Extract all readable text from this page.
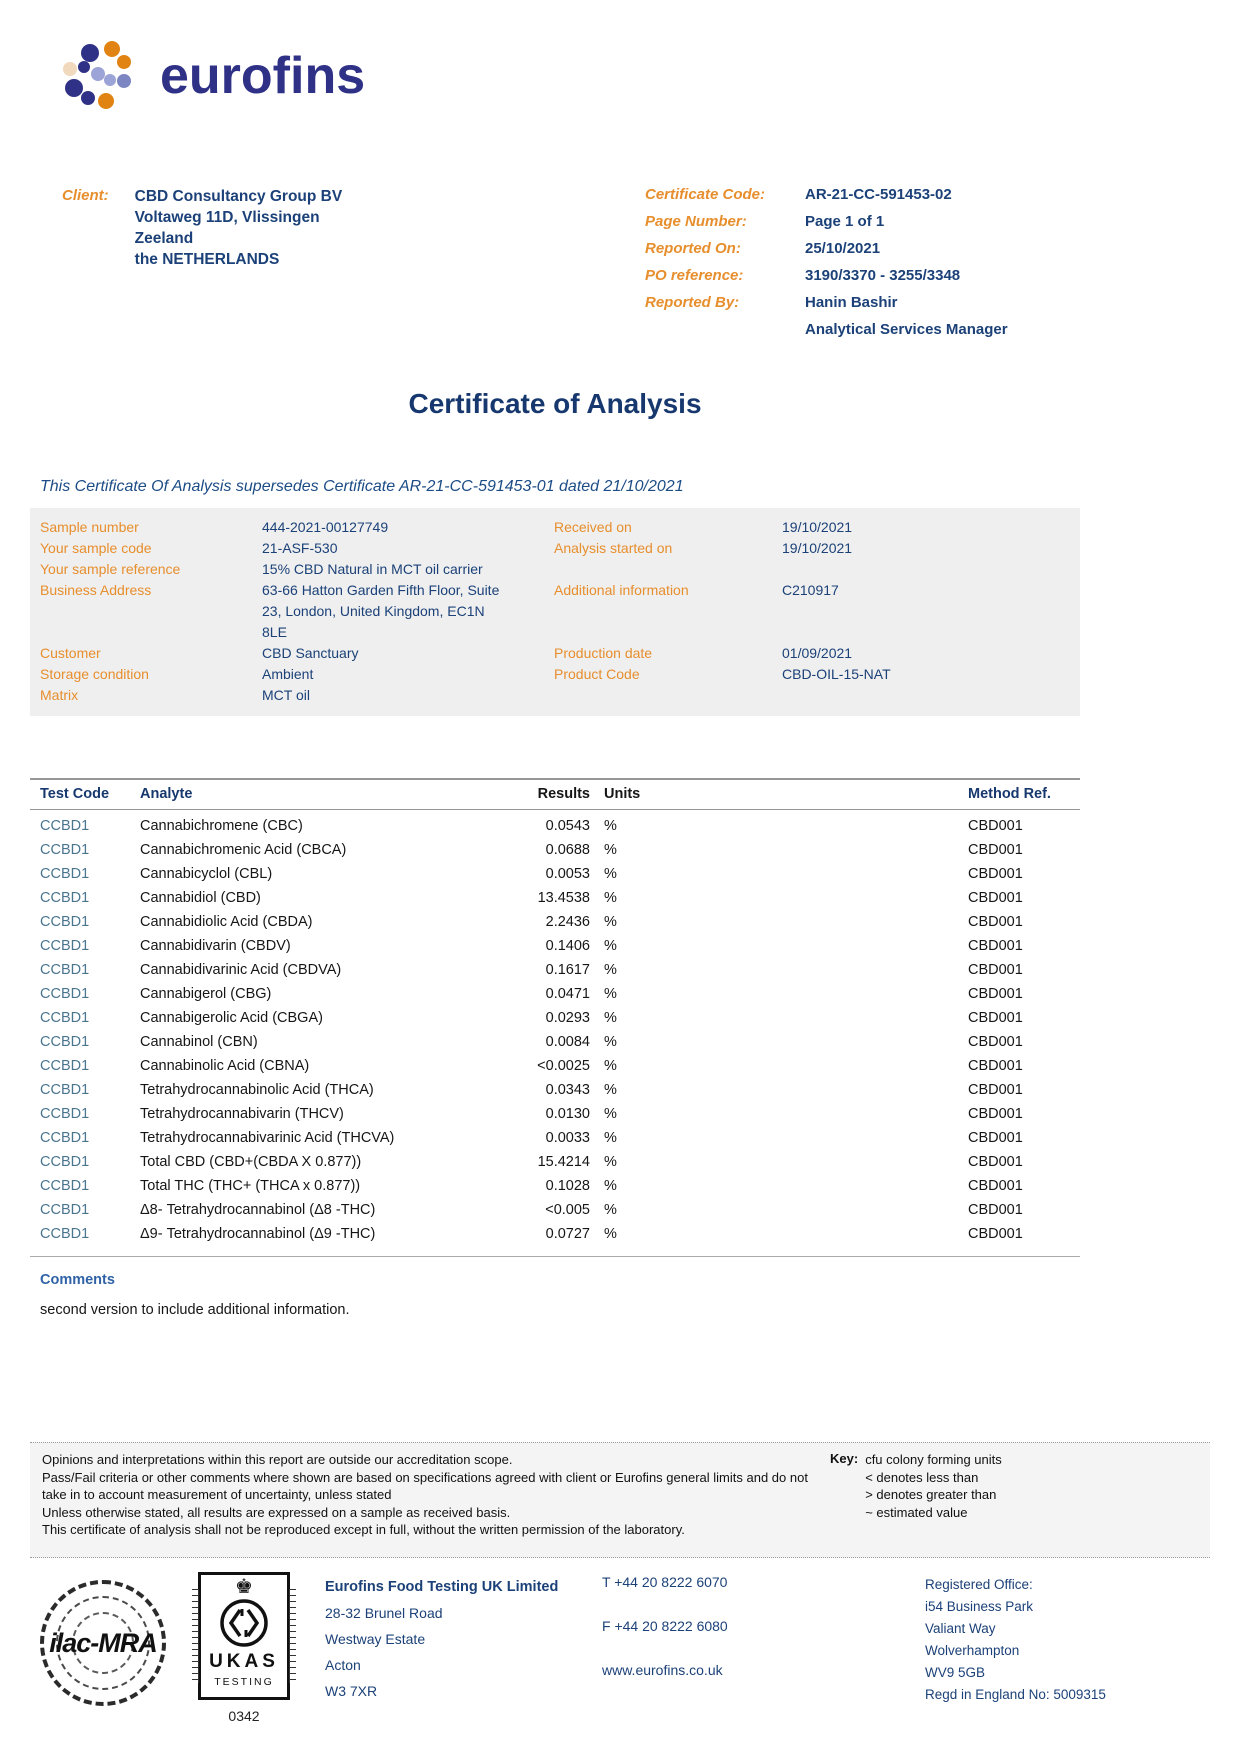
eurofins
Client: CBD Consultancy Group BV
Voltaweg 11D, Vlissingen
Zeeland
the NETHERLANDS
Certificate Code:	AR-21-CC-591453-02
Page Number:	Page 1 of 1
Reported On:	25/10/2021
PO reference:	3190/3370 - 3255/3348
Reported By:	Hanin Bashir
Analytical Services Manager
Certificate of Analysis
This Certificate Of Analysis supersedes Certificate AR-21-CC-591453-01 dated 21/10/2021
Sample number	444-2021-00127749	Received on	19/10/2021
Your sample code	21-ASF-530	Analysis started on	19/10/2021
Your sample reference	15% CBD Natural in MCT oil carrier
Business Address	63-66 Hatton Garden Fifth Floor, Suite 23, London, United Kingdom, EC1N 8LE
Additional information	C210917
Customer	CBD Sanctuary	Production date	01/09/2021
Storage condition	Ambient	Product Code	CBD-OIL-15-NAT
Matrix	MCT oil
Test Code	Analyte	Results Units	Method Ref.
CCBD1	Cannabichromene (CBC)	0.0543 %	CBD001
CCBD1	Cannabichromenic Acid (CBCA)	0.0688 %	CBD001
CCBD1	Cannabicyclol (CBL)	0.0053 %	CBD001
CCBD1	Cannabidiol (CBD)	13.4538 %	CBD001
CCBD1	Cannabidiolic Acid (CBDA)	2.2436 %	CBD001
CCBD1	Cannabidivarin (CBDV)	0.1406 %	CBD001
CCBD1	Cannabidivarinic Acid (CBDVA)	0.1617 %	CBD001
CCBD1	Cannabigerol (CBG)	0.0471 %	CBD001
CCBD1	Cannabigerolic Acid (CBGA)	0.0293 %	CBD001
CCBD1	Cannabinol (CBN)	0.0084 %	CBD001
CCBD1	Cannabinolic Acid (CBNA)	<0.0025 %	CBD001
CCBD1	Tetrahydrocannabinolic Acid (THCA)	0.0343 %	CBD001
CCBD1	Tetrahydrocannabivarin (THCV)	0.0130 %	CBD001
CCBD1	Tetrahydrocannabivarinic Acid (THCVA)	0.0033 %	CBD001
CCBD1	Total CBD (CBD+(CBDA X 0.877))	15.4214 %	CBD001
CCBD1	Total THC (THC+ (THCA x 0.877))	0.1028 %	CBD001
CCBD1	Δ8- Tetrahydrocannabinol (Δ8 -THC)	<0.005 %	CBD001
CCBD1	Δ9- Tetrahydrocannabinol (Δ9 -THC)	0.0727 %	CBD001
Comments
second version to include additional information.
Opinions and interpretations within this report are outside our accreditation scope.
Pass/Fail criteria or other comments where shown are based on specifications agreed with client or Eurofins general limits and do not take in to account measurement of uncertainty, unless stated
Unless otherwise stated, all results are expressed on a sample as received basis.
This certificate of analysis shall not be reproduced except in full, without the written permission of the laboratory.
Key: cfu colony forming units
< denotes less than
> denotes greater than
~ estimated value
ilac-MRA
♚
UKAS
TESTING
0342
Eurofins Food Testing UK Limited
28-32 Brunel Road
Westway Estate
Acton
W3 7XR
T +44 20 8222 6070
F +44 20 8222 6080
www.eurofins.co.uk
Registered Office:
i54 Business Park
Valiant Way
Wolverhampton
WV9 5GB
Regd in England No: 5009315
